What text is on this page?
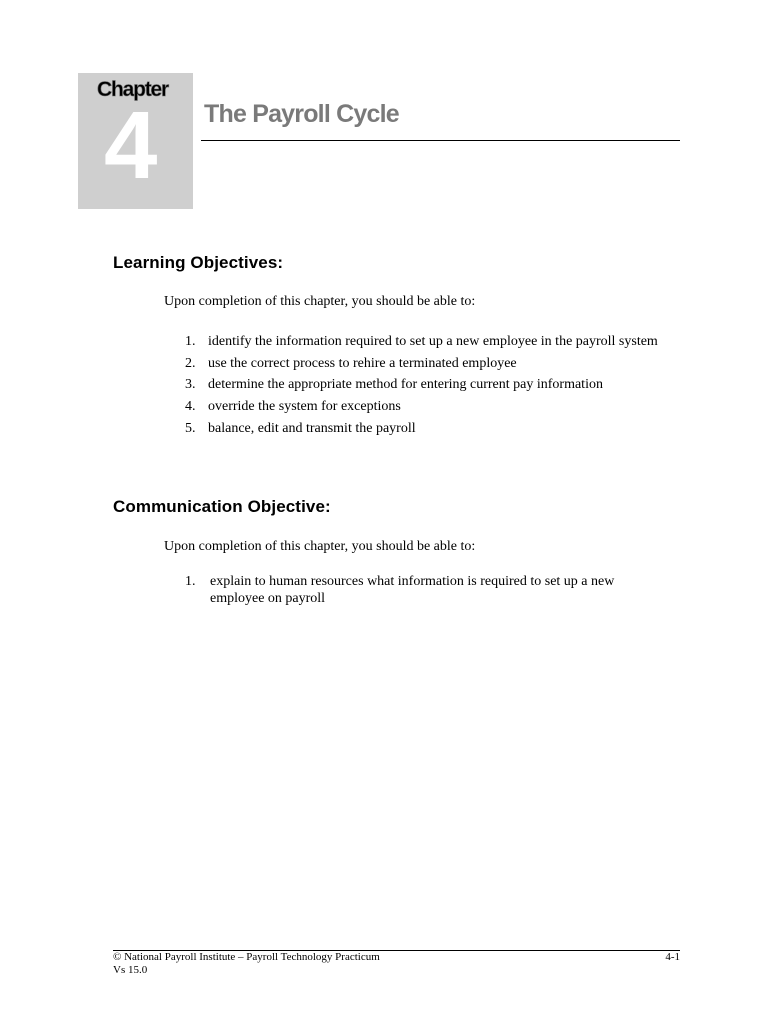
Chapter
4 The Payroll Cycle
Learning Objectives:
Upon completion of this chapter, you should be able to:
1. identify the information required to set up a new employee in the payroll system
2. use the correct process to rehire a terminated employee
3. determine the appropriate method for entering current pay information
4. override the system for exceptions
5. balance, edit and transmit the payroll
Communication Objective:
Upon completion of this chapter, you should be able to:
1. explain to human resources what information is required to set up a new employee on payroll
© National Payroll Institute – Payroll Technology Practicum
Vs 15.0
4-1
